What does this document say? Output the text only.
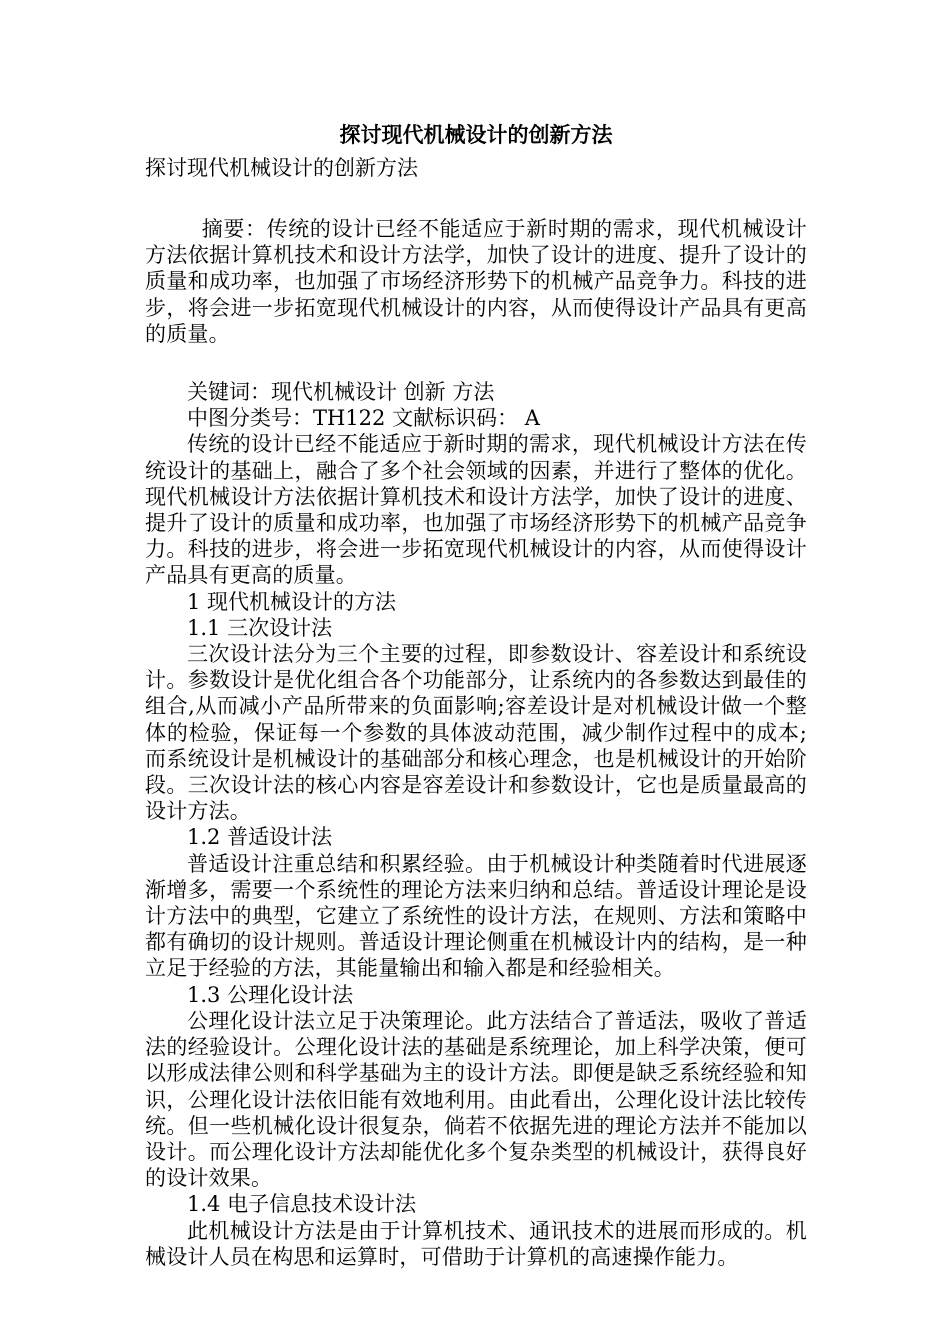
探讨现代机械设计的创新方法

探讨现代机械设计的创新方法

摘要：传统的设计已经不能适应于新时期的需求，现代机械设计方法依据计算机技术和设计方法学，加快了设计的进度、提升了设计的质量和成功率，也加强了市场经济形势下的机械产品竞争力。科技的进步，将会进一步拓宽现代机械设计的内容，从而使得设计产品具有更高的质量。

关键词：现代机械设计 创新 方法

中图分类号：TH122 文献标识码： A

传统的设计已经不能适应于新时期的需求，现代机械设计方法在传统设计的基础上，融合了多个社会领域的因素，并进行了整体的优化。现代机械设计方法依据计算机技术和设计方法学，加快了设计的进度、提升了设计的质量和成功率，也加强了市场经济形势下的机械产品竞争力。科技的进步，将会进一步拓宽现代机械设计的内容，从而使得设计产品具有更高的质量。

1 现代机械设计的方法

1.1 三次设计法

三次设计法分为三个主要的过程，即参数设计、容差设计和系统设计。参数设计是优化组合各个功能部分，让系统内的各参数达到最佳的组合,从而减小产品所带来的负面影响;容差设计是对机械设计做一个整体的检验，保证每一个参数的具体波动范围，减少制作过程中的成本;而系统设计是机械设计的基础部分和核心理念，也是机械设计的开始阶段。三次设计法的核心内容是容差设计和参数设计，它也是质量最高的设计方法。

1.2 普适设计法

普适设计注重总结和积累经验。由于机械设计种类随着时代进展逐渐增多，需要一个系统性的理论方法来归纳和总结。普适设计理论是设计方法中的典型，它建立了系统性的设计方法，在规则、方法和策略中都有确切的设计规则。普适设计理论侧重在机械设计内的结构，是一种立足于经验的方法，其能量输出和输入都是和经验相关。

1.3 公理化设计法

公理化设计法立足于决策理论。此方法结合了普适法，吸收了普适法的经验设计。公理化设计法的基础是系统理论，加上科学决策，便可以形成法律公则和科学基础为主的设计方法。即便是缺乏系统经验和知识，公理化设计法依旧能有效地利用。由此看出，公理化设计法比较传统。但一些机械化设计很复杂，倘若不依据先进的理论方法并不能加以设计。而公理化设计方法却能优化多个复杂类型的机械设计，获得良好的设计效果。

1.4 电子信息技术设计法

此机械设计方法是由于计算机技术、通讯技术的进展而形成的。机械设计人员在构思和运算时，可借助于计算机的高速操作能力。
